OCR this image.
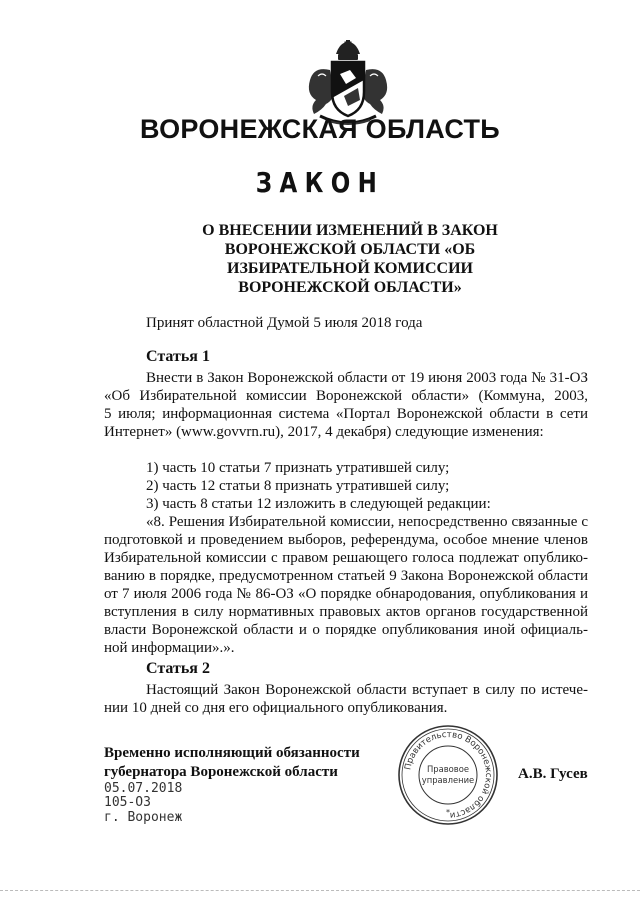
ВОРОНЕЖСКАЯ ОБЛАСТЬ
ЗАКОН
О ВНЕСЕНИИ ИЗМЕНЕНИЙ В ЗАКОН
ВОРОНЕЖСКОЙ ОБЛАСТИ «ОБ
ИЗБИРАТЕЛЬНОЙ КОМИССИИ
ВОРОНЕЖСКОЙ ОБЛАСТИ»
Принят областной Думой 5 июля 2018 года
Статья 1
Внести в Закон Воронежской области от 19 июня 2003 года № 31-ОЗ
«Об Избирательной комиссии Воронежской области» (Коммуна, 2003,
5 июля; информационная система «Портал Воронежской области в сети
Интернет» (www.govvrn.ru), 2017, 4 декабря) следующие изменения:
1) часть 10 статьи 7 признать утратившей силу;
2) часть 12 статьи 8 признать утратившей силу;
3) часть 8 статьи 12 изложить в следующей редакции:
«8. Решения Избирательной комиссии, непосредственно связанные с
подготовкой и проведением выборов, референдума, особое мнение членов
Избирательной комиссии с правом решающего голоса подлежат опублико-
ванию в порядке, предусмотренном статьей 9 Закона Воронежской области
от 7 июля 2006 года № 86-ОЗ «О порядке обнародования, опубликования и
вступления в силу нормативных правовых актов органов государственной
власти Воронежской области и о порядке опубликования иной официаль-
ной информации».».
Статья 2
Настоящий Закон Воронежской области вступает в силу по истече-
нии 10 дней со дня его официального опубликования.
Временно исполняющий обязанности
губернатора Воронежской области
05.07.2018
105-ОЗ
г. Воронеж
Правительство Воронежской области
Правовое
управление
*
А.В. Гусев
